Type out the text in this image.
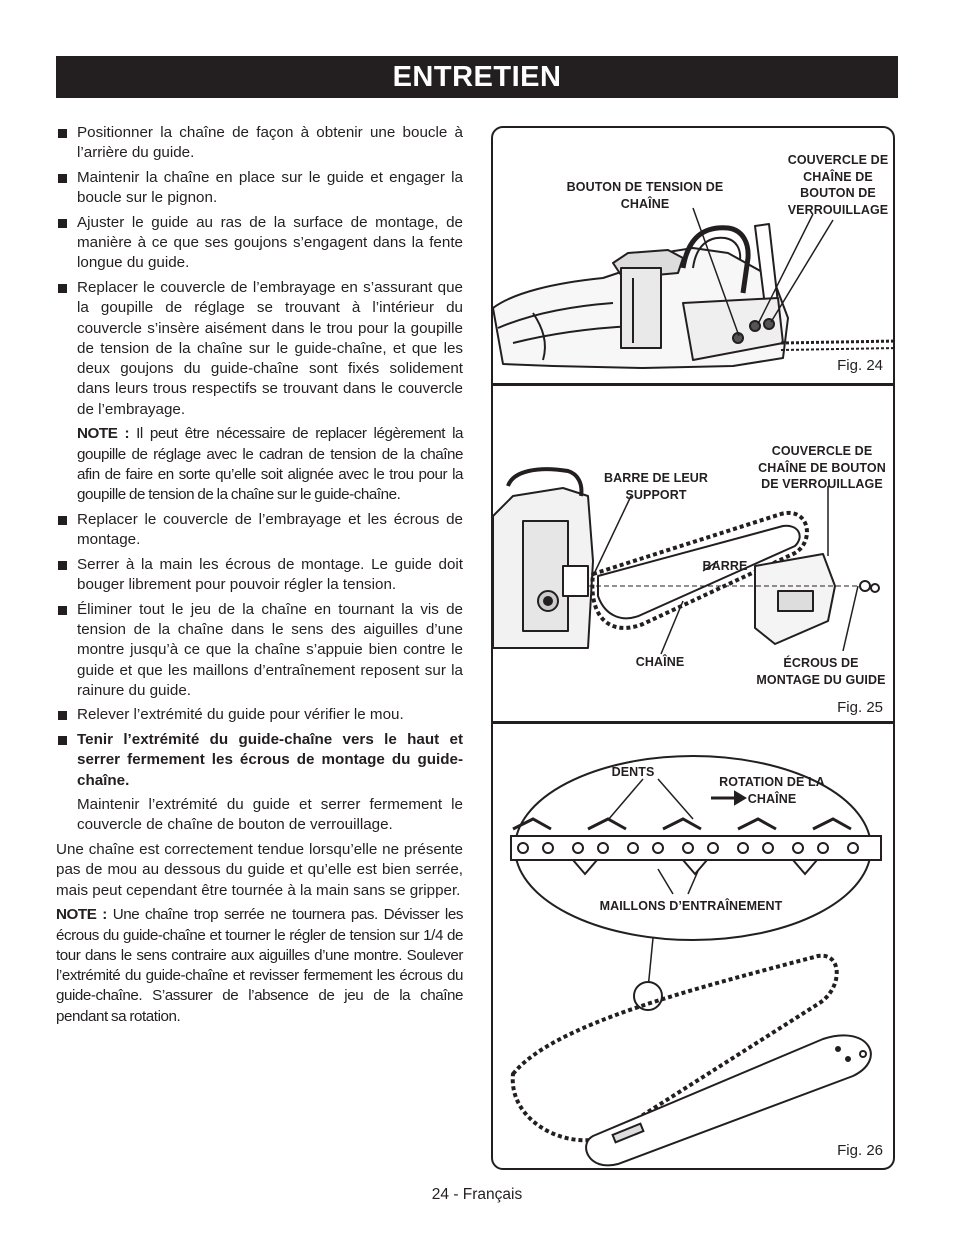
ENTRETIEN
Positionner la chaîne de façon à obtenir une boucle à l’arrière du guide.
Maintenir la chaîne en place sur le guide et engager la boucle sur le pignon.
Ajuster le guide au ras de la surface de montage, de manière à ce que ses goujons s’engagent dans la fente longue du guide.
Replacer le couvercle de l’embrayage en s’assurant que la goupille de réglage se trouvant à l’intérieur du couvercle s’insère aisément dans le trou pour la goupille de tension de la chaîne sur le guide-chaîne, et que les deux goujons du guide-chaîne sont fixés solidement dans leurs trous respectifs se trouvant dans le couvercle de l’embrayage.
NOTE : Il peut être nécessaire de replacer légèrement la goupille de réglage avec le cadran de tension de la chaîne afin de faire en sorte qu’elle soit alignée avec le trou pour la goupille de tension de la chaîne sur le guide-chaîne.
Replacer le couvercle de l’embrayage et les écrous de montage.
Serrer à la main les écrous de montage. Le guide doit bouger librement pour pouvoir régler la tension.
Éliminer tout le jeu de la chaîne en tournant la vis de tension de la chaîne dans le sens des aiguilles d’une montre jusqu’à ce que la chaîne s’appuie bien contre le guide et que les maillons d’entraînement reposent sur la rainure du guide.
Relever l’extrémité du guide pour vérifier le mou.
Tenir l’extrémité du guide-chaîne vers le haut et serrer fermement les écrous de montage du guide-chaîne.
Maintenir l’extrémité du guide et serrer fermement le couvercle de chaîne de bouton de verrouillage.
Une chaîne est correctement tendue lorsqu’elle ne présente pas de mou au dessous du guide et qu’elle est bien serrée, mais peut cependant être tournée à la main sans se gripper.
NOTE : Une chaîne trop serrée ne tournera pas. Dévisser les écrous du guide-chaîne et tourner le régler de tension sur 1/4 de tour dans le sens contraire aux aiguilles d’une montre. Soulever l’extrémité du guide-chaîne et revisser fermement les écrous du guide-chaîne. S’assurer de l’absence de jeu de la chaîne pendant sa rotation.
BOUTON DE TENSION DE CHAÎNE
COUVERCLE DE CHAÎNE DE BOUTON DE VERROUILLAGE
Fig. 24
BARRE DE LEUR SUPPORT
COUVERCLE DE CHAÎNE DE BOUTON DE VERROUILLAGE
BARRE
CHAÎNE	ÉCROUS DE MONTAGE DU GUIDE
Fig. 25
DENTS
ROTATION DE LA CHAÎNE
MAILLONS D’ENTRAÎNEMENT
Fig. 26
24 - Français
